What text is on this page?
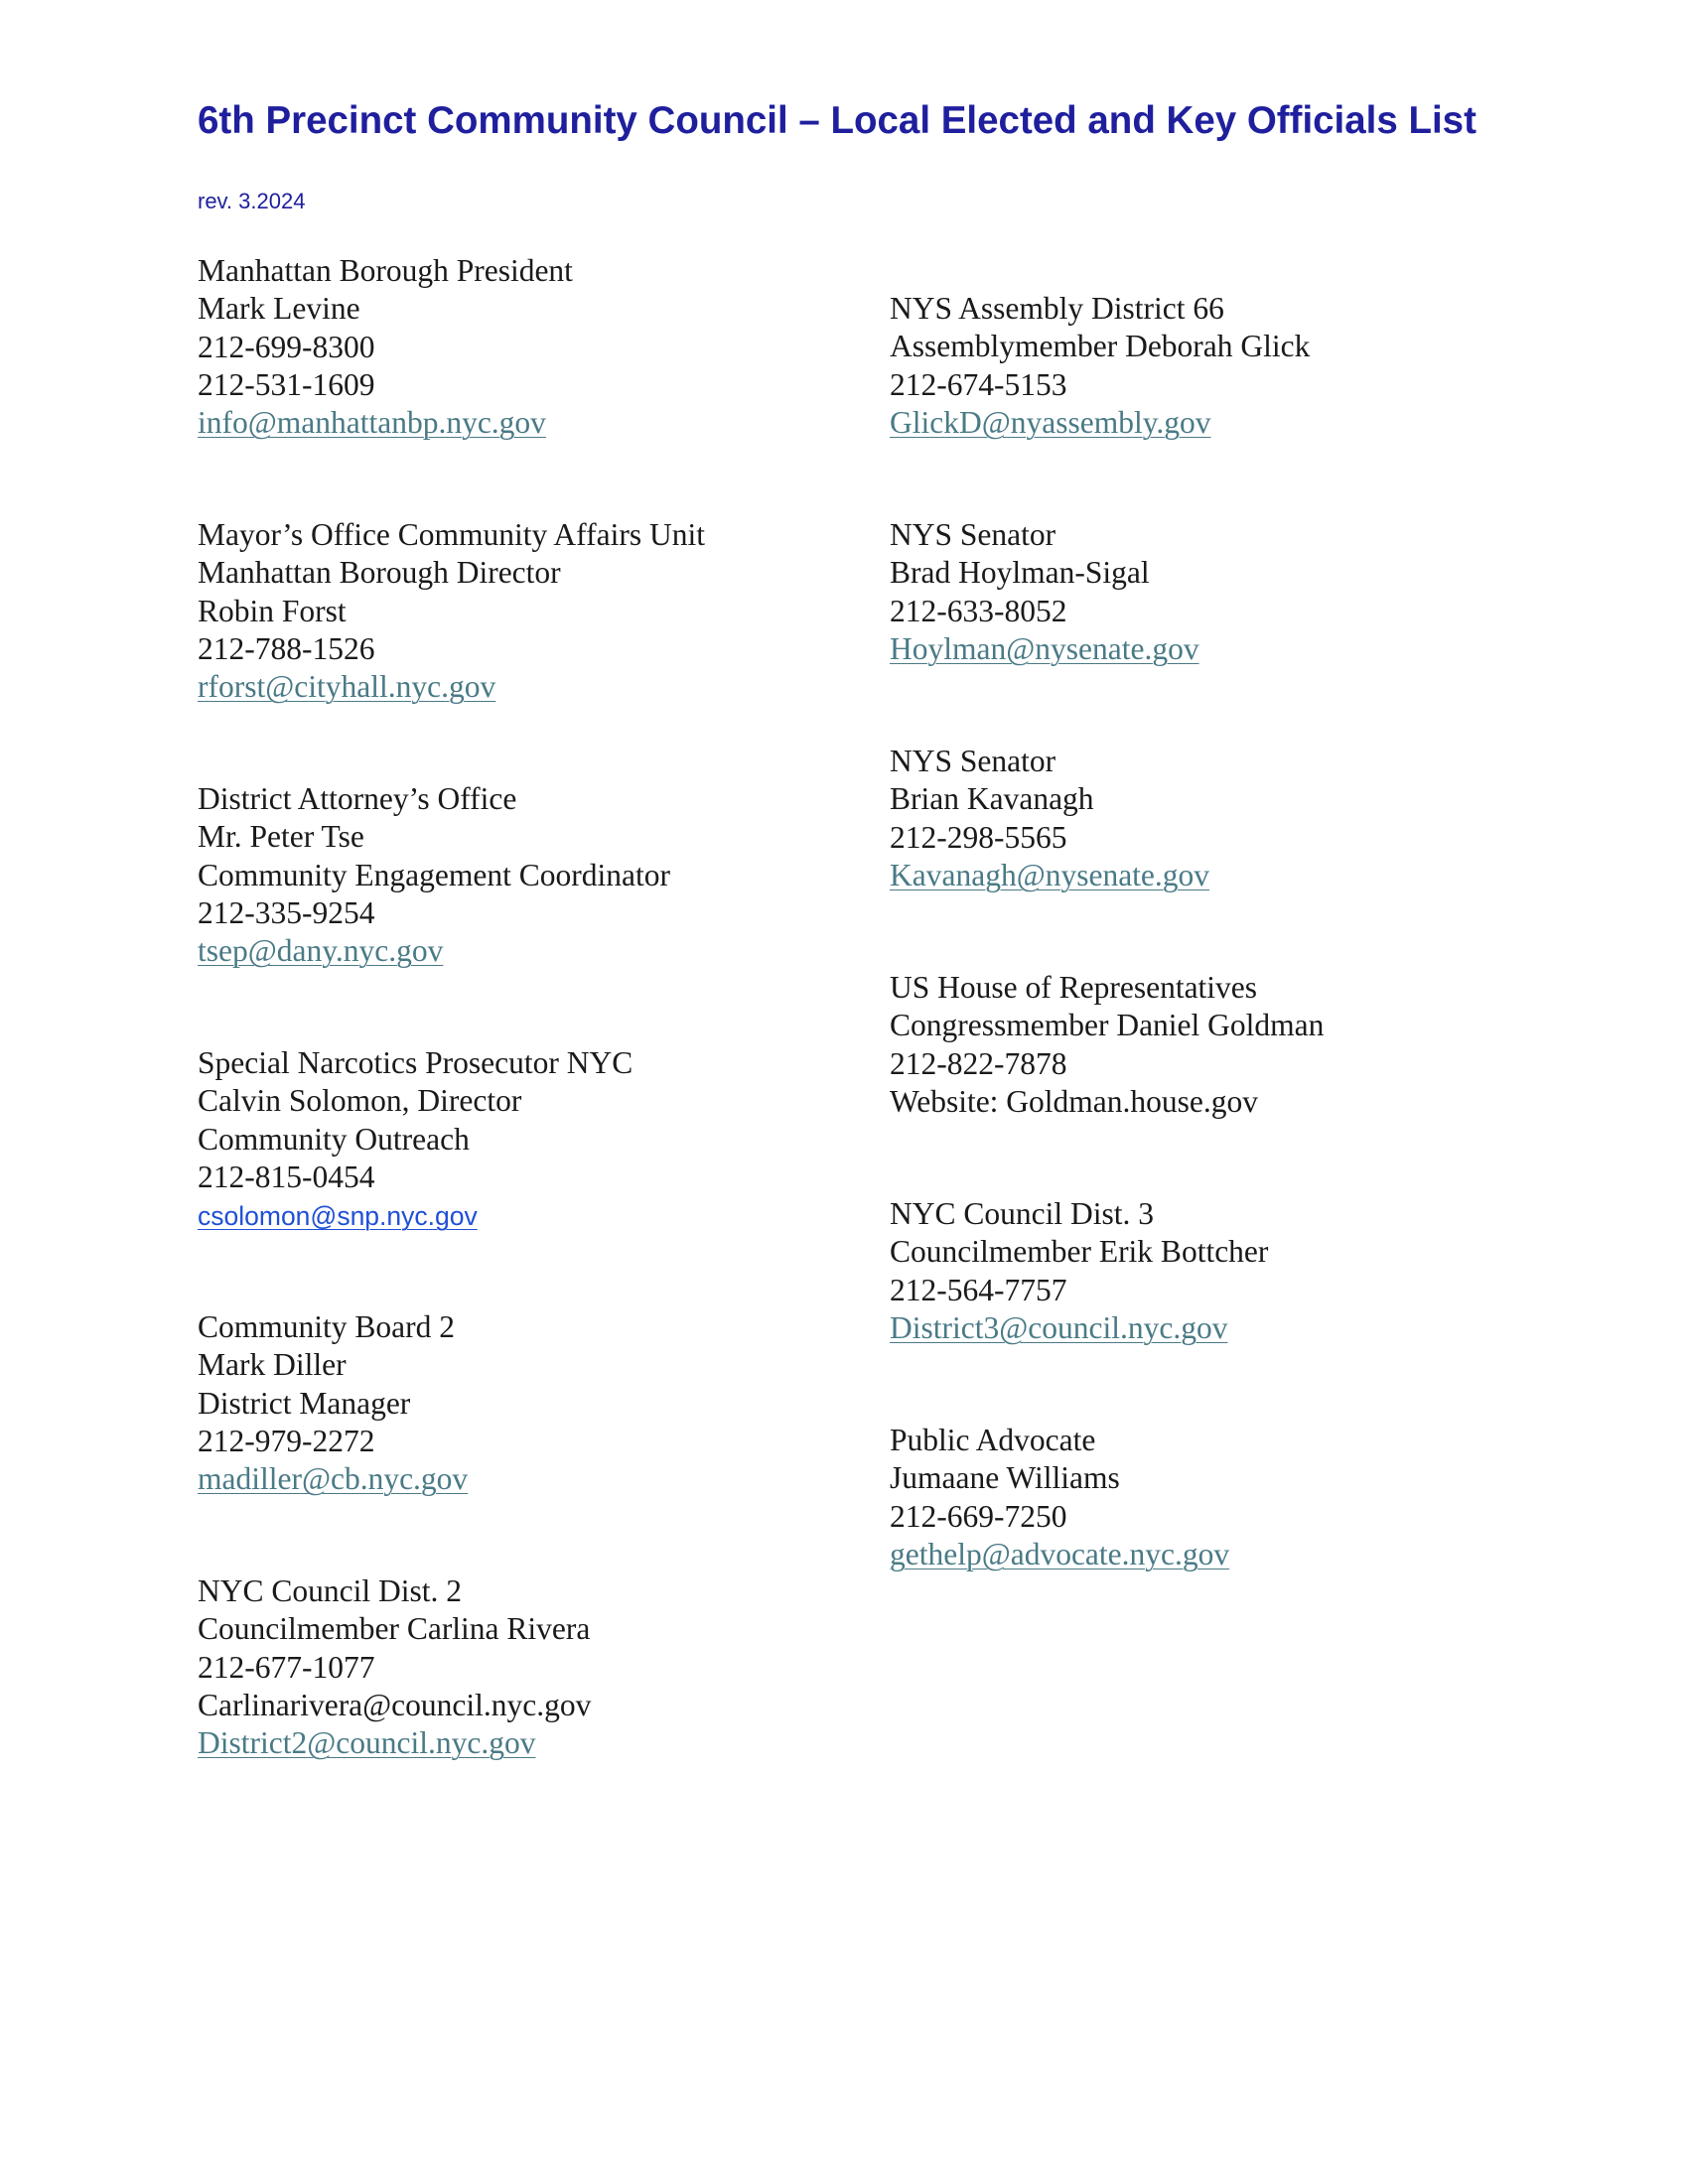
6th Precinct Community Council – Local Elected and Key Officials List
rev. 3.2024
Manhattan Borough President
Mark Levine
212-699-8300
212-531-1609
info@manhattanbp.nyc.gov
Mayor’s Office Community Affairs Unit
Manhattan Borough Director
Robin Forst
212-788-1526
rforst@cityhall.nyc.gov
District Attorney’s Office
Mr. Peter Tse
Community Engagement Coordinator
212-335-9254
tsep@dany.nyc.gov
Special Narcotics Prosecutor NYC
Calvin Solomon, Director
Community Outreach
212-815-0454
csolomon@snp.nyc.gov
Community Board 2
Mark Diller
District Manager
212-979-2272
madiller@cb.nyc.gov
NYC Council Dist. 2
Councilmember Carlina Rivera
212-677-1077
Carlinarivera@council.nyc.gov
District2@council.nyc.gov
NYS Assembly District 66
Assemblymember Deborah Glick
212-674-5153
GlickD@nyassembly.gov
NYS Senator
Brad Hoylman-Sigal
212-633-8052
Hoylman@nysenate.gov
NYS Senator
Brian Kavanagh
212-298-5565
Kavanagh@nysenate.gov
US House of Representatives
Congressmember Daniel Goldman
212-822-7878
Website: Goldman.house.gov
NYC Council Dist. 3
Councilmember Erik Bottcher
212-564-7757
District3@council.nyc.gov
Public Advocate
Jumaane Williams
212-669-7250
gethelp@advocate.nyc.gov
